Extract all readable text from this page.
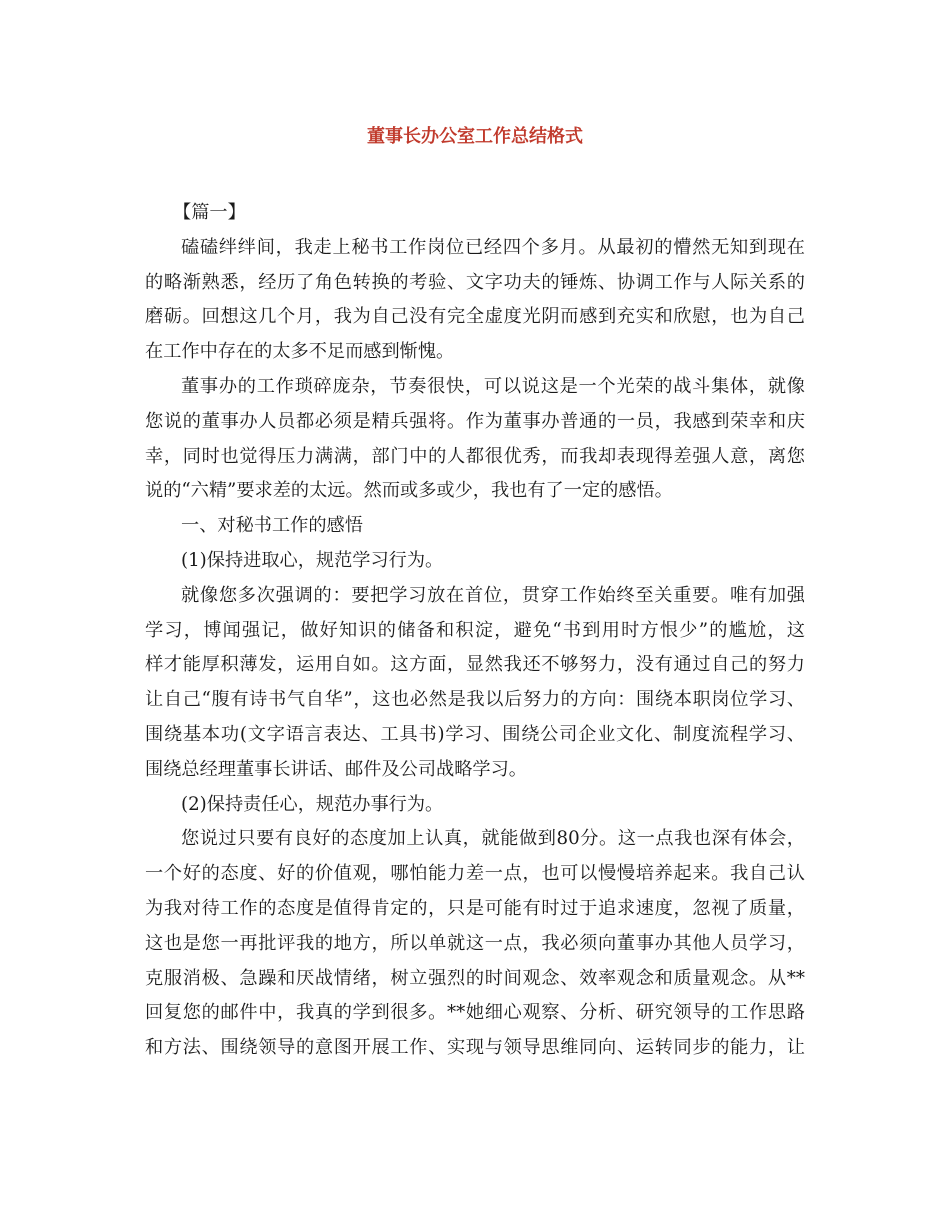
董事长办公室工作总结格式
【篇一】
磕磕绊绊间，我走上秘书工作岗位已经四个多月。从最初的懵然无知到现在
的略渐熟悉，经历了角色转换的考验、文字功夫的锤炼、协调工作与人际关系的
磨砺。回想这几个月，我为自己没有完全虚度光阴而感到充实和欣慰，也为自己
在工作中存在的太多不足而感到惭愧。
董事办的工作琐碎庞杂，节奏很快，可以说这是一个光荣的战斗集体，就像
您说的董事办人员都必须是精兵强将。作为董事办普通的一员，我感到荣幸和庆
幸，同时也觉得压力满满，部门中的人都很优秀，而我却表现得差强人意，离您
说的“六精”要求差的太远。然而或多或少，我也有了一定的感悟。
一、对秘书工作的感悟
(1)保持进取心，规范学习行为。
就像您多次强调的：要把学习放在首位，贯穿工作始终至关重要。唯有加强
学习，博闻强记，做好知识的储备和积淀，避免“书到用时方恨少”的尴尬，这
样才能厚积薄发，运用自如。这方面，显然我还不够努力，没有通过自己的努力
让自己“腹有诗书气自华”，这也必然是我以后努力的方向：围绕本职岗位学习、
围绕基本功(文字语言表达、工具书)学习、围绕公司企业文化、制度流程学习、
围绕总经理董事长讲话、邮件及公司战略学习。
(2)保持责任心，规范办事行为。
您说过只要有良好的态度加上认真，就能做到80分。这一点我也深有体会，
一个好的态度、好的价值观，哪怕能力差一点，也可以慢慢培养起来。我自己认
为我对待工作的态度是值得肯定的，只是可能有时过于追求速度，忽视了质量，
这也是您一再批评我的地方，所以单就这一点，我必须向董事办其他人员学习，
克服消极、急躁和厌战情绪，树立强烈的时间观念、效率观念和质量观念。从**
回复您的邮件中，我真的学到很多。**她细心观察、分析、研究领导的工作思路
和方法、围绕领导的意图开展工作、实现与领导思维同向、运转同步的能力，让
